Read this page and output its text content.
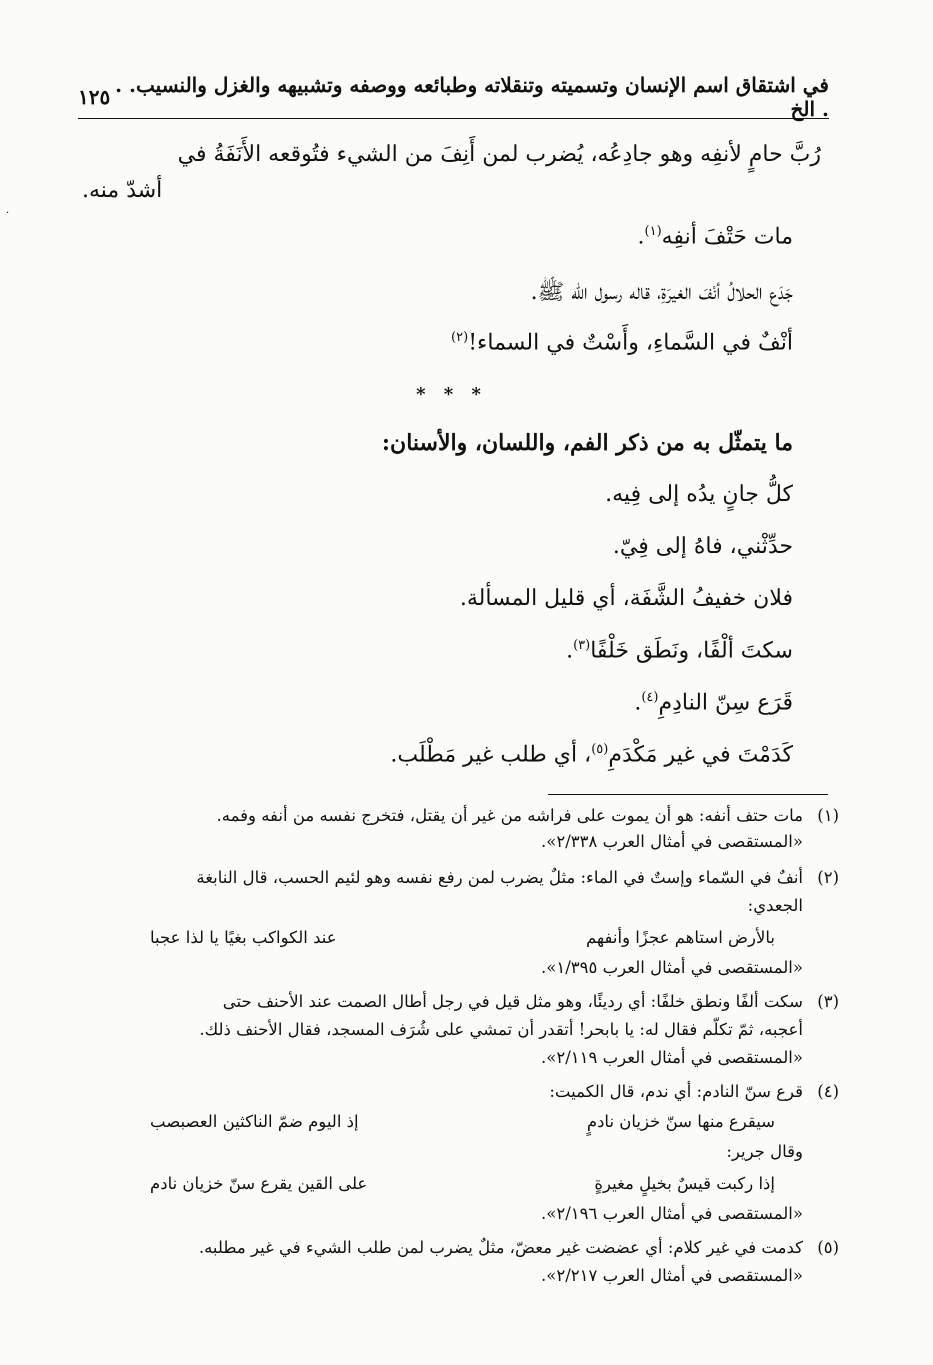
·
في اشتقاق اسم الإنسان وتسميته وتنقلاته وطبائعه ووصفه وتشبيهه والغزل والنسيب. . . الخ
١٢٥
رُبَّ حامٍ لأنفِه وهو جادِعُه، يُضرب لمن أَنِفَ من الشيء فتُوقعه الأَنَفَةُ في
أشدّ منه.
مات حَتْفَ أنفِه$^{(١)}$.
جَدَع الحلالُ أنْفَ الغيرَةِ، قاله رسول الله ﷺ.
أنْفٌ في السَّماءِ، وأَسْتٌ في السماء!$^{(٢)}$
* * *
ما يتمثّل به من ذكر الفم، واللسان، والأسنان:
كلُّ جانٍ يدُه إلى فِيه.
حدِّثْني، فاهُ إلى فِيّ.
فلان خفيفُ الشَّفَة، أي قليل المسألة.
سكتَ ألْفًا، ونَطَق خَلْفًا$^{(٣)}$.
قَرَع سِنّ النادِمِ$^{(٤)}$.
كَدَمْتَ في غير مَكْدَمِ$^{(٥)}$، أي طلب غير مَطْلَب.
(١)
مات حتف أنفه: هو أن يموت على فراشه من غير أن يقتل، فتخرج نفسه من أنفه وفمه.
«المستقصى في أمثال العرب ٢/٣٣٨».
(٢)
أنفٌ في السّماء وإستٌ في الماء: مثلٌ يضرب لمن رفع نفسه وهو لئيم الحسب، قال النابغة
الجعدي:
بالأرض استاهم عجزًا وأنفهم
عند الكواكب بغيًا يا لذا عجبا
«المستقصى في أمثال العرب ١/٣٩٥».
(٣)
سكت ألفًا ونطق خلفًا: أي رديئًا، وهو مثل قيل في رجل أطال الصمت عند الأحنف حتى
أعجبه، ثمّ تكلّم فقال له: يا بابحر! أتقدر أن تمشي على شُرَف المسجد، فقال الأحنف ذلك.
«المستقصى في أمثال العرب ٢/١١٩».
(٤)
قرع سنّ النادم: أي ندم، قال الكميت:
سيقرع منها سنّ خزيان نادمٍ
إذ اليوم ضمّ الناكثين العصبصب
وقال جرير:
إذا ركبت قيسٌ بخيلٍ مغيرةٍ
على القين يقرع سنّ خزيان نادم
«المستقصى في أمثال العرب ٢/١٩٦».
(٥)
كدمت في غير كلام: أي عضضت غير معضّ، مثلٌ يضرب لمن طلب الشيء في غير مطلبه.
«المستقصى في أمثال العرب ٢/٢١٧».
